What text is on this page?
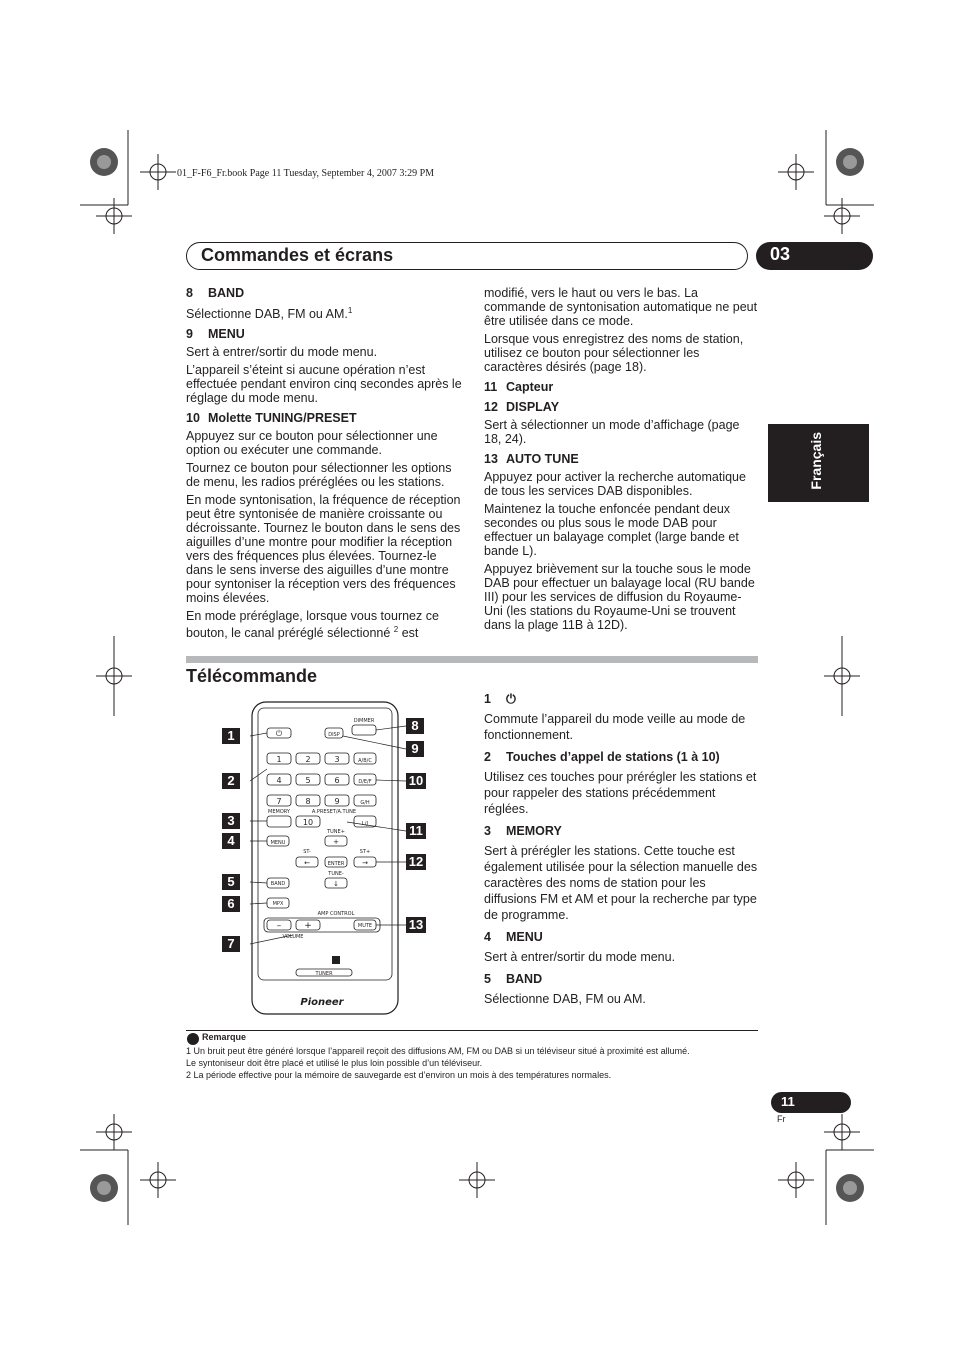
01_F-F6_Fr.book Page 11 Tuesday, September 4, 2007 3:29 PM
Commandes et écrans	03
Français
8 BAND

Sélectionne DAB, FM ou AM.$^1$

9 MENU

Sert à entrer/sortir du mode menu.

L’appareil s’éteint si aucune opération n’est effectuée pendant environ cinq secondes après le réglage du mode menu.

10 Molette TUNING/PRESET

Appuyez sur ce bouton pour sélectionner une option ou exécuter une commande.

Tournez ce bouton pour sélectionner les options de menu, les radios préréglées ou les stations.

En mode syntonisation, la fréquence de réception peut être syntonisée de manière croissante ou décroissante. Tournez le bouton dans le sens des aiguilles d’une montre pour modifier la réception vers des fréquences plus élevées. Tournez-le dans le sens inverse des aiguilles d’une montre pour syntoniser la réception vers des fréquences moins élevées.

En mode préréglage, lorsque vous tournez ce bouton, le canal préréglé sélectionné $^2$ est

modifié, vers le haut ou vers le bas. La commande de syntonisation automatique ne peut être utilisée dans ce mode.

Lorsque vous enregistrez des noms de station, utilisez ce bouton pour sélectionner les caractères désirés (page 18).

11 Capteur
12 DISPLAY

Sert à sélectionner un mode d’affichage (page 18, 24).

13 AUTO TUNE

Appuyez pour activer la recherche automatique de tous les services DAB disponibles.

Maintenez la touche enfoncée pendant deux secondes ou plus sous le mode DAB pour effectuer un balayage complet (large bande et bande L).

Appuyez brièvement sur la touche sous le mode DAB pour effectuer un balayage local (RU bande III) pour les services de diffusion du Royaume-Uni (les stations du Royaume-Uni se trouvent dans la plage 11B à 12D).

Télécommande
⏻
DIMMER
DISP
1	2	3	A/B/C
4	5	6	D/E/F
7	8	9	G/H
MEMORY	A.PRESET/A.TUNE
10	L/J
TUNE+
+
MENU
ST-	ST+
←	ENTER	→
TUNE-
↓
BAND
MPX
AMP CONTROL
–	+	MUTE
VOLUME
TUNER
Pioneer
1
2
3
4
5
6
7
8
9
10
11
12
13
1 ⏻

Commute l’appareil du mode veille au mode de fonctionnement.

2 Touches d’appel de stations (1 à 10)

Utilisez ces touches pour prérégler les stations et pour rappeler des stations précédemment réglées.

3 MEMORY

Sert à prérégler les stations. Cette touche est également utilisée pour la sélection manuelle des caractères des noms de station pour les diffusions FM et AM et pour la recherche par type de programme.

4 MENU

Sert à entrer/sortir du mode menu.

5 BAND

Sélectionne DAB, FM ou AM.

Remarque
1 Un bruit peut être généré lorsque l’appareil reçoit des diffusions AM, FM ou DAB si un téléviseur situé à proximité est allumé.
Le syntoniseur doit être placé et utilisé le plus loin possible d’un téléviseur.
2 La période effective pour la mémoire de sauvegarde est d’environ un mois à des températures normales.
11
Fr
